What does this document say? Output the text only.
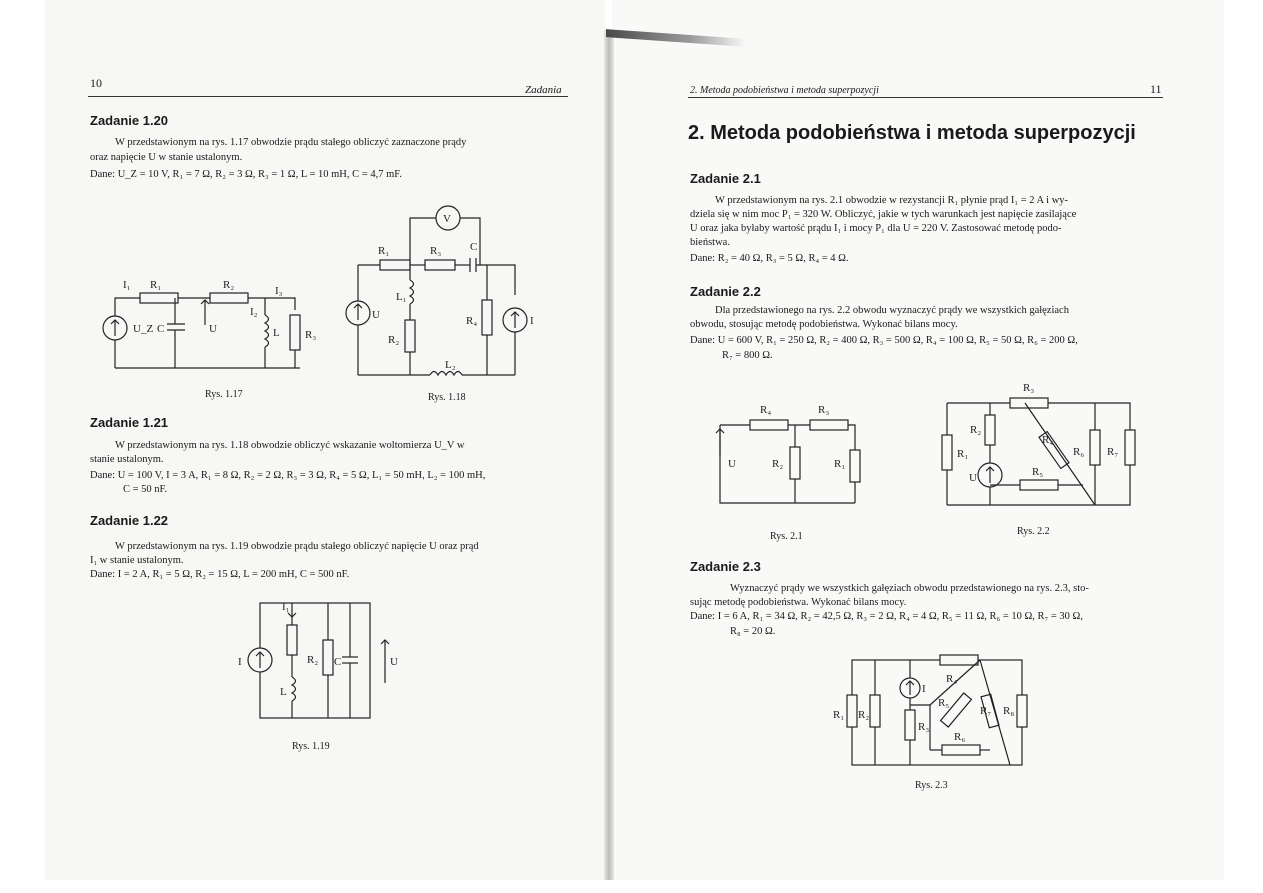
10	Zadania
Zadanie 1.20
W przedstawionym na rys. 1.17 obwodzie prądu stałego obliczyć zaznaczone prądy
oraz napięcie U w stanie ustalonym.
Dane: U_Z = 10 V, R₁ = 7 Ω, R₂ = 3 Ω, R₃ = 1 Ω, L = 10 mH, C = 4,7 mF.
I₁ R₁	R₂	I₃
I₂
U_Z C	U	L R₃
Rys. 1.17
V
R₁	R₃	C
L₁
R₂
R₄
L₂
U	I
Rys. 1.18
Zadanie 1.21
W przedstawionym na rys. 1.18 obwodzie obliczyć wskazanie woltomierza U_V w
stanie ustalonym.
Dane: U = 100 V, I = 3 A, R₁ = 8 Ω, R₂ = 2 Ω, R₃ = 3 Ω, R₄ = 5 Ω, L₁ = 50 mH, L₂ = 100 mH,
C = 50 nF.
Zadanie 1.22
W przedstawionym na rys. 1.19 obwodzie prądu stałego obliczyć napięcie U oraz prąd
I₁ w stanie ustalonym.
Dane: I = 2 A, R₁ = 5 Ω, R₂ = 15 Ω, L = 200 mH, C = 500 nF.
I₁
I	R₂ C	U
L
Rys. 1.19
2. Metoda podobieństwa i metoda superpozycji	11
2. Metoda podobieństwa i metoda superpozycji
Zadanie 2.1
W przedstawionym na rys. 2.1 obwodzie w rezystancji R₁ płynie prąd I₁ = 2 A i wy-
dziela się w nim moc P₁ = 320 W. Obliczyć, jakie w tych warunkach jest napięcie zasilające
U oraz jaka byłaby wartość prądu I₁ i mocy P₁ dla U = 220 V. Zastosować metodę podo-
bieństwa.
Dane: R₂ = 40 Ω, R₃ = 5 Ω, R₄ = 4 Ω.
Zadanie 2.2
Dla przedstawionego na rys. 2.2 obwodu wyznaczyć prądy we wszystkich gałęziach
obwodu, stosując metodę podobieństwa. Wykonać bilans mocy.
Dane: U = 600 V, R₁ = 250 Ω, R₂ = 400 Ω, R₃ = 500 Ω, R₄ = 100 Ω, R₅ = 50 Ω, R₆ = 200 Ω,
R₇ = 800 Ω.
R₄	R₃
U	R₂	R₁
Rys. 2.1
R₃
R₂
R₁
R₄
R₆ R₇
R₅
U
Rys. 2.2
Zadanie 2.3
Wyznaczyć prądy we wszystkich gałęziach obwodu przedstawionego na rys. 2.3, sto-
sując metodę podobieństwa. Wykonać bilans mocy.
Dane: I = 6 A, R₁ = 34 Ω, R₂ = 42,5 Ω, R₃ = 2 Ω, R₄ = 4 Ω, R₅ = 11 Ω, R₆ = 10 Ω, R₇ = 30 Ω,
R₈ = 20 Ω.
R₄
I
R₅
R₁ R₂
R₃
R₇ R₈
R₆
Rys. 2.3
